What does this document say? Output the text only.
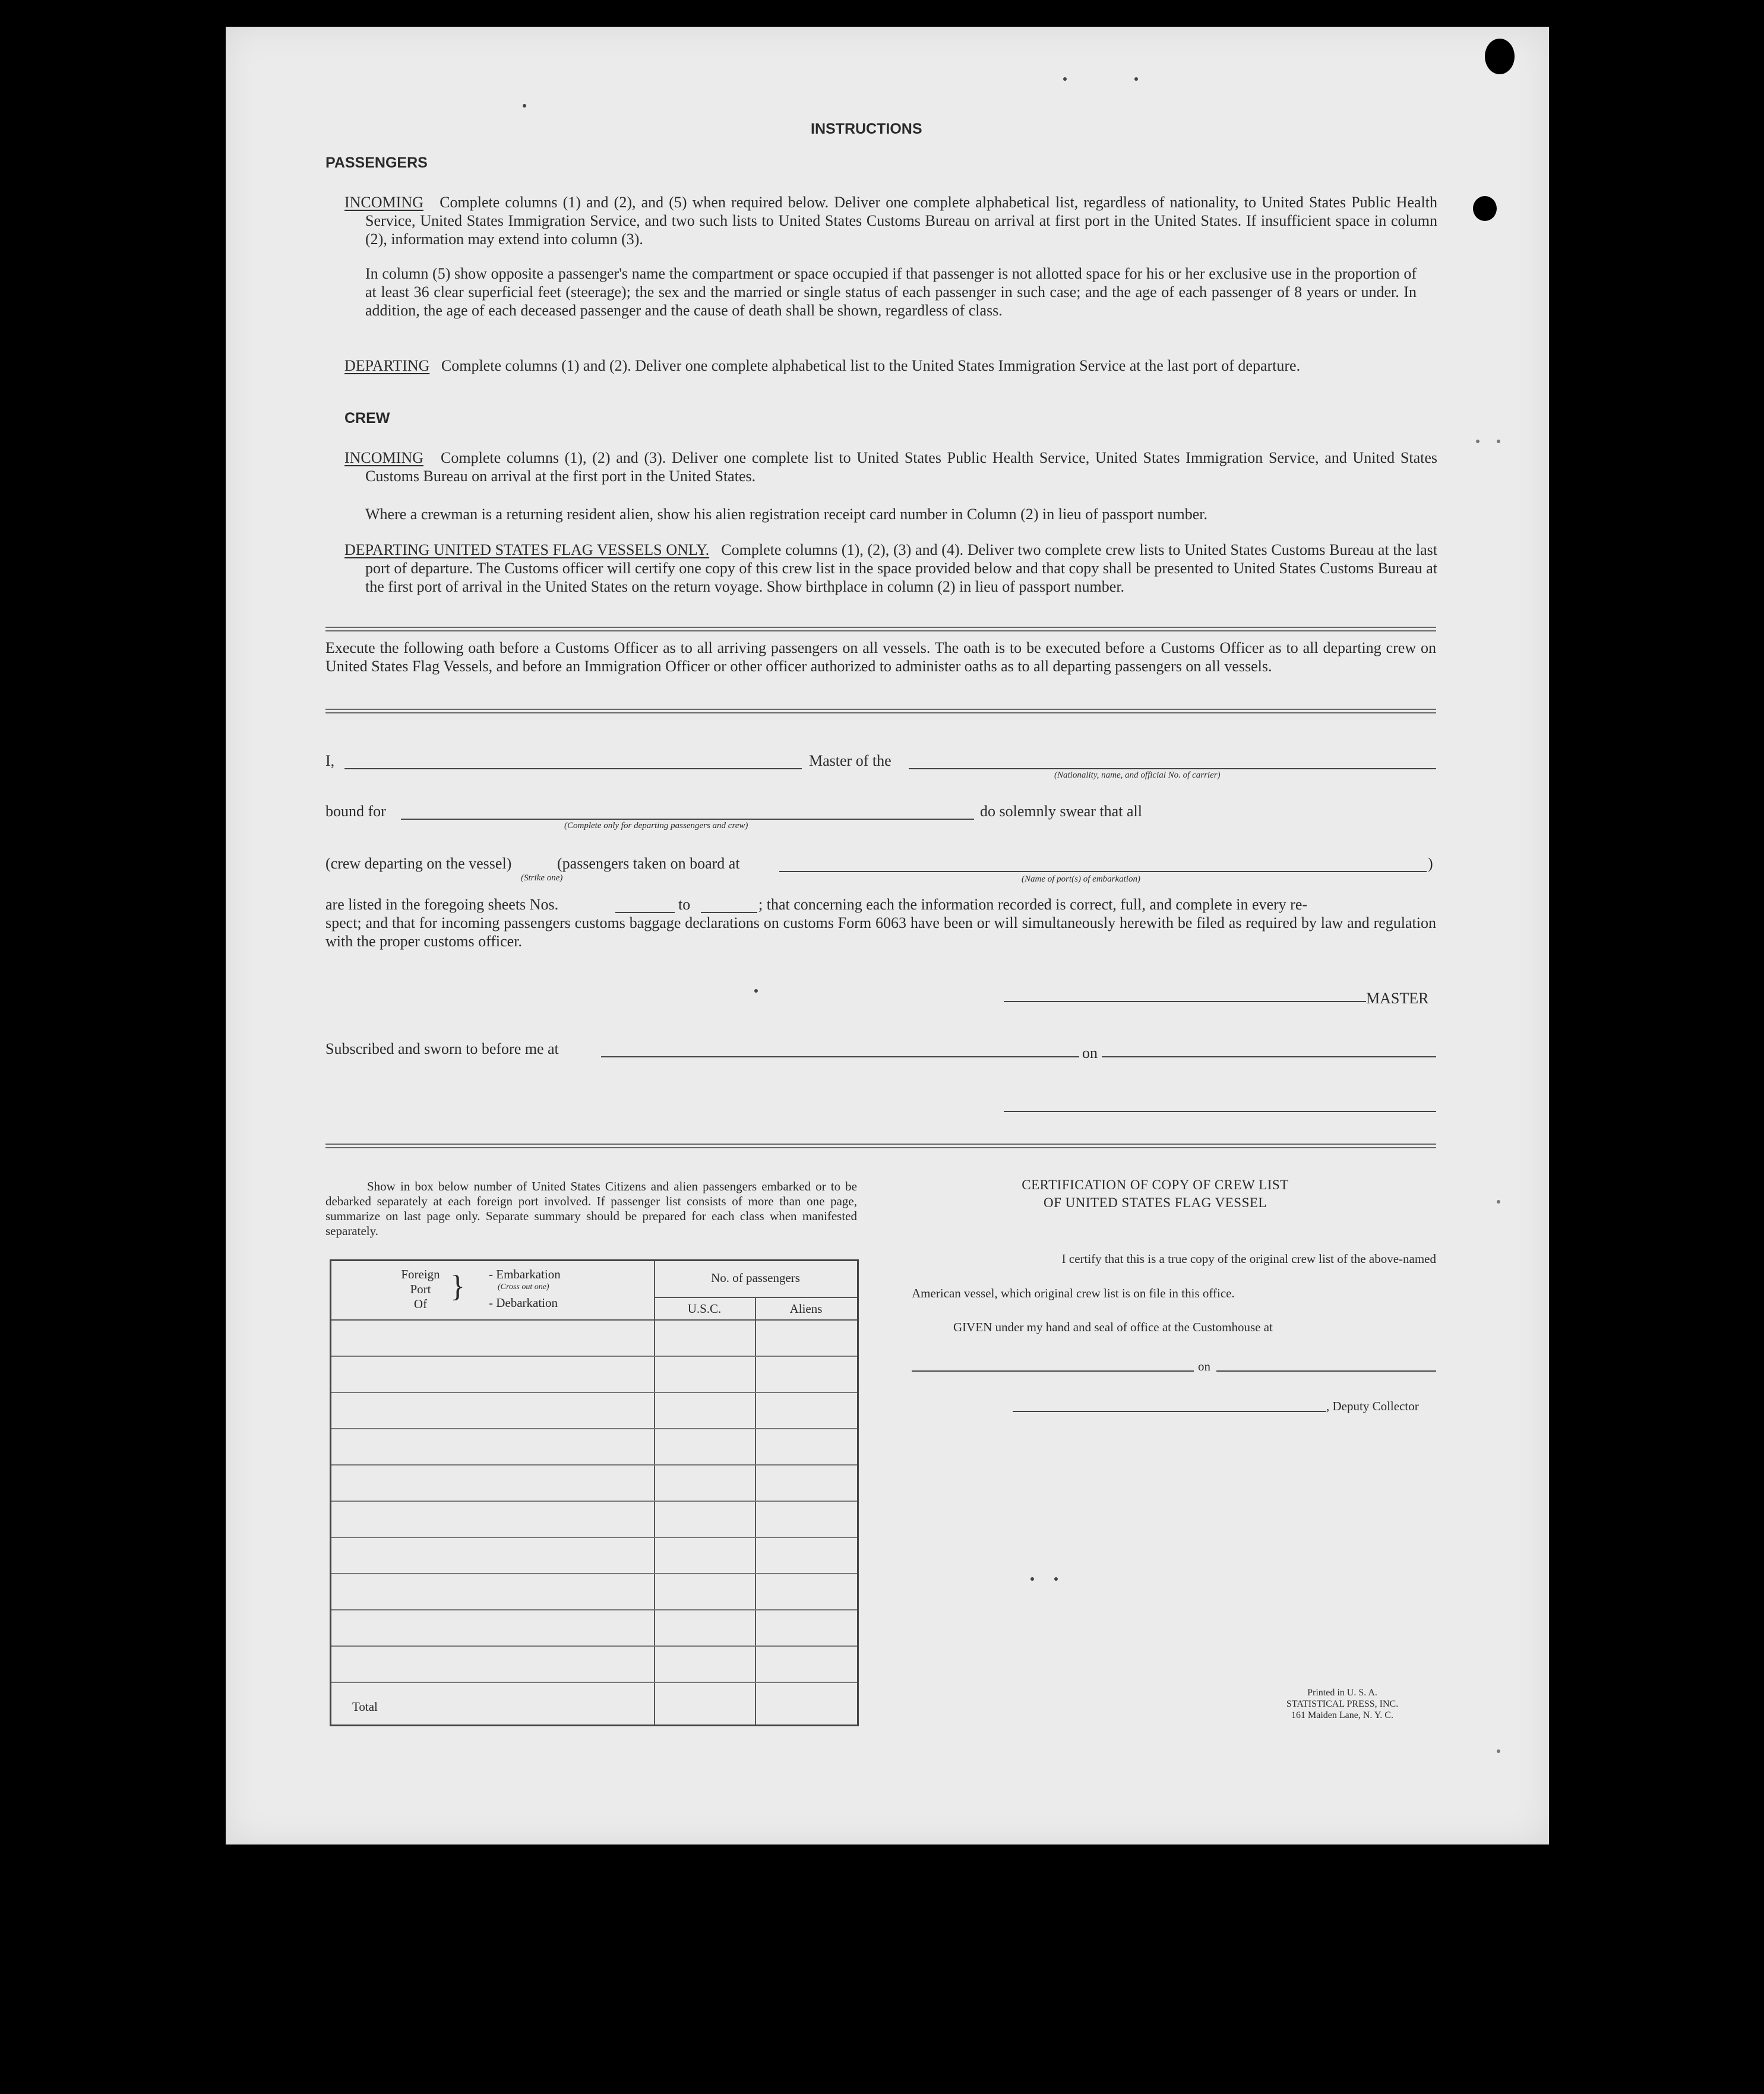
INSTRUCTIONS
PASSENGERS
INCOMING Complete columns (1) and (2), and (5) when required below. Deliver one complete alphabetical list, regardless of nationality, to United States Public Health Service, United States Immigration Service, and two such lists to United States Customs Bureau on arrival at first port in the United States. If insufficient space in column (2), information may extend into column (3).
In column (5) show opposite a passenger's name the compartment or space occupied if that passenger is not allotted space for his or her exclusive use in the proportion of at least 36 clear superficial feet (steerage); the sex and the married or single status of each passenger in such case; and the age of each passenger of 8 years or under. In addition, the age of each deceased passenger and the cause of death shall be shown, regardless of class.
DEPARTING Complete columns (1) and (2). Deliver one complete alphabetical list to the United States Immigration Service at the last port of departure.
CREW
INCOMING Complete columns (1), (2) and (3). Deliver one complete list to United States Public Health Service, United States Immigration Service, and United States Customs Bureau on arrival at the first port in the United States.
Where a crewman is a returning resident alien, show his alien registration receipt card number in Column (2) in lieu of passport number.
DEPARTING UNITED STATES FLAG VESSELS ONLY. Complete columns (1), (2), (3) and (4). Deliver two complete crew lists to United States Customs Bureau at the last port of departure. The Customs officer will certify one copy of this crew list in the space provided below and that copy shall be presented to United States Customs Bureau at the first port of arrival in the United States on the return voyage. Show birthplace in column (2) in lieu of passport number.
Execute the following oath before a Customs Officer as to all arriving passengers on all vessels. The oath is to be executed before a Customs Officer as to all departing crew on United States Flag Vessels, and before an Immigration Officer or other officer authorized to administer oaths as to all departing passengers on all vessels.
I,	Master of the
(Nationality, name, and official No. of carrier)
bound for
(Complete only for departing passengers and crew)
do solemnly swear that all
(crew departing on the vessel)	(passengers taken on board at	)
(Strike one)	(Name of port(s) of embarkation)
are listed in the foregoing sheets Nos.	to	; that concerning each the information recorded is correct, full, and complete in every re-
spect; and that for incoming passengers customs baggage declarations on customs Form 6063 have been or will simultaneously herewith be filed as required by law and regulation with the proper customs officer.
MASTER
Subscribed and sworn to before me at	on
Show in box below number of United States Citizens and alien passengers embarked or to be debarked separately at each foreign port involved. If passenger list consists of more than one page, summarize on last page only. Separate summary should be prepared for each class when manifested separately.
Foreign
Port
Of
} - Embarkation
(Cross out one)
- Debarkation
No. of passengers
U.S.C.	Aliens
Total
CERTIFICATION OF COPY OF CREW LIST
OF UNITED STATES FLAG VESSEL
I certify that this is a true copy of the original crew list of the above-named
American vessel, which original crew list is on file in this office.
GIVEN under my hand and seal of office at the Customhouse at
on
, Deputy Collector
Printed in U. S. A.
STATISTICAL PRESS, INC.
161 Maiden Lane, N. Y. C.
